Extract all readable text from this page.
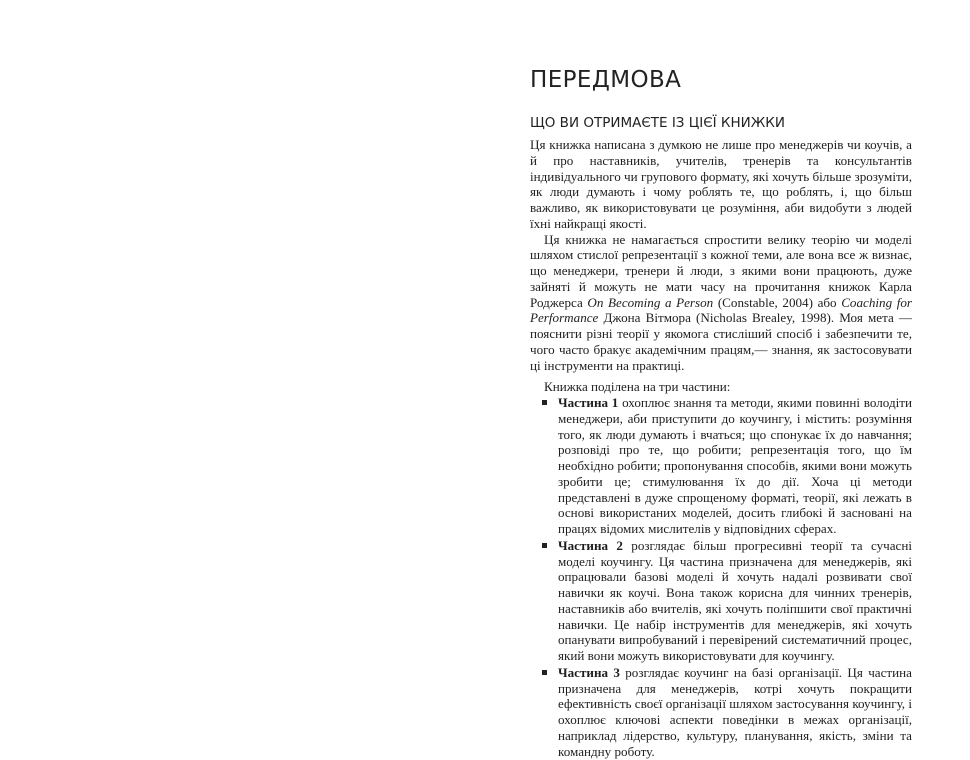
ПЕРЕДМОВА
ЩО ВИ ОТРИМАЄТЕ ІЗ ЦІЄЇ КНИЖКИ

Ця книжка написана з думкою не лише про менеджерів чи коучів, а й про наставників, учителів, тренерів та консультантів індивідуального чи групового формату, які хочуть більше зрозуміти, як люди думають і чому роблять те, що роблять, і, що більш важливо, як використовувати це розуміння, аби видобути з людей їхні найкращі якості.

Ця книжка не намагається спростити велику теорію чи моделі шляхом стислої репрезентації з кожної теми, але вона все ж визнає, що менеджери, тренери й люди, з якими вони працюють, дуже зайняті й можуть не мати часу на прочитання книжок Карла Роджерса On Becoming a Person (Constable, 2004) або Coaching for Performance Джона Вітмора (Nicholas Brealey, 1998). Моя мета — пояснити різні теорії у якомога стисліший спосіб і забезпечити те, чого часто бракує академічним працям,— знання, як застосовувати ці інструменти на практиці.

Книжка поділена на три частини:

Частина 1 охоплює знання та методи, якими повинні володіти менеджери, аби приступити до коучингу, і містить: розуміння того, як люди думають і вчаться; що спонукає їх до навчання; розповіді про те, що робити; репрезентація того, що їм необхідно робити; пропонування способів, якими вони можуть зробити це; стимулювання їх до дії. Хоча ці методи представлені в дуже спрощеному форматі, теорії, які лежать в основі використаних моделей, досить глибокі й засновані на працях відомих мислителів у відповідних сферах.
Частина 2 розглядає більш прогресивні теорії та сучасні моделі коучингу. Ця частина призначена для менеджерів, які опрацювали базові моделі й хочуть надалі розвивати свої навички як коучі. Вона також корисна для чинних тренерів, наставників або вчителів, які хочуть поліпшити свої практичні навички. Це набір інструментів для менеджерів, які хочуть опанувати випробуваний і перевірений систематичний процес, який вони можуть використовувати для коучингу.
Частина 3 розглядає коучинг на базі організації. Ця частина призначена для менеджерів, котрі хочуть покращити ефективність своєї організації шляхом застосування коучингу, і охоплює ключові аспекти поведінки в межах організації, наприклад лідерство, культуру, планування, якість, зміни та командну роботу.
